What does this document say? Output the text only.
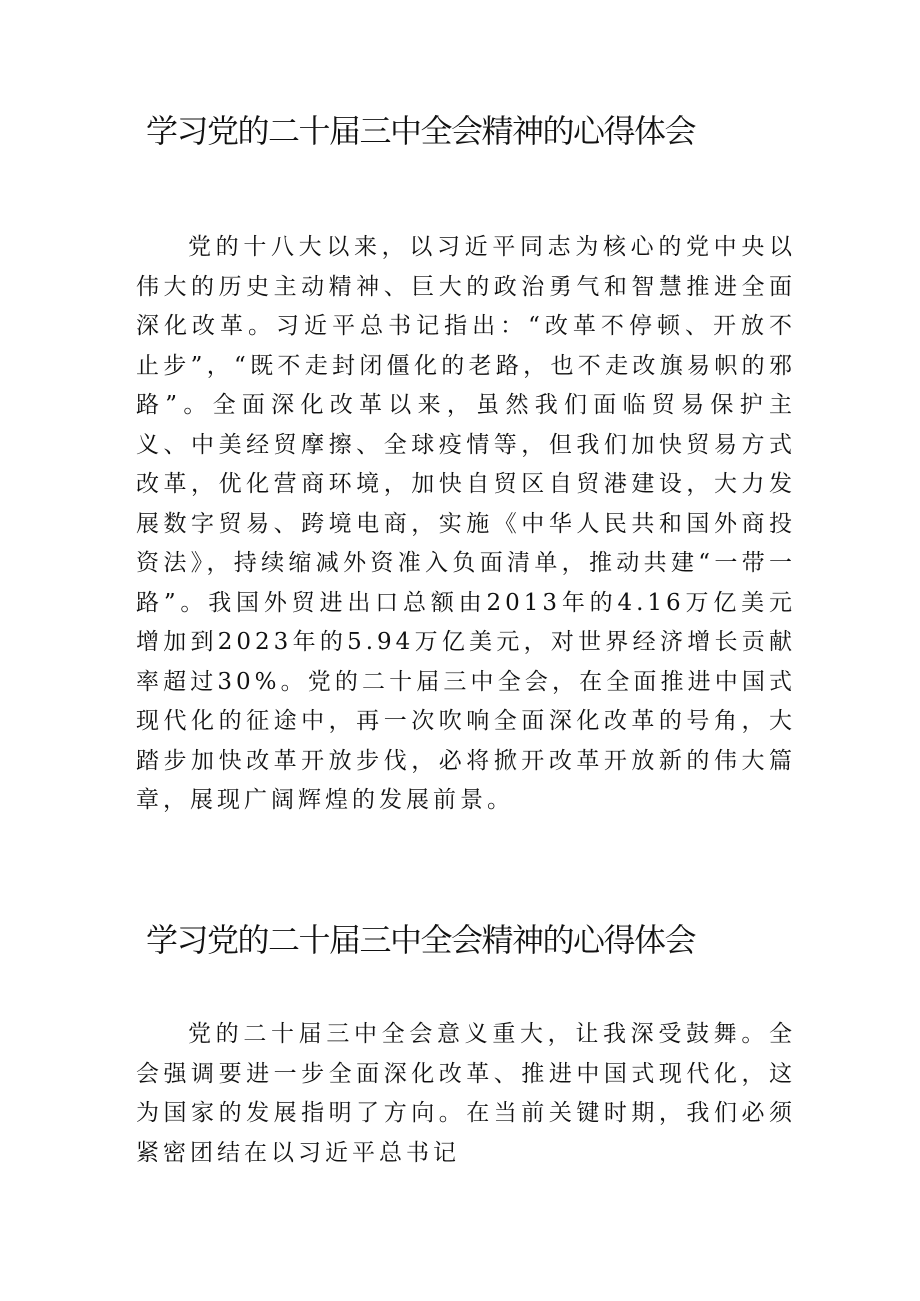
学习党的二十届三中全会精神的心得体会

党的十八大以来，以习近平同志为核心的党中央以伟大的历史主动精神、巨大的政治勇气和智慧推进全面深化改革。习近平总书记指出：“改革不停顿、开放不止步”，“既不走封闭僵化的老路，也不走改旗易帜的邪路”。全面深化改革以来，虽然我们面临贸易保护主义、中美经贸摩擦、全球疫情等，但我们加快贸易方式改革，优化营商环境，加快自贸区自贸港建设，大力发展数字贸易、跨境电商，实施《中华人民共和国外商投资法》，持续缩减外资准入负面清单，推动共建“一带一路”。我国外贸进出口总额由2013年的4.16万亿美元增加到2023年的5.94万亿美元，对世界经济增长贡献率超过30%。党的二十届三中全会，在全面推进中国式现代化的征途中，再一次吹响全面深化改革的号角，大踏步加快改革开放步伐，必将掀开改革开放新的伟大篇章，展现广阔辉煌的发展前景。

学习党的二十届三中全会精神的心得体会

党的二十届三中全会意义重大，让我深受鼓舞。全会强调要进一步全面深化改革、推进中国式现代化，这为国家的发展指明了方向。在当前关键时期，我们必须紧密团结在以习近平总书记
